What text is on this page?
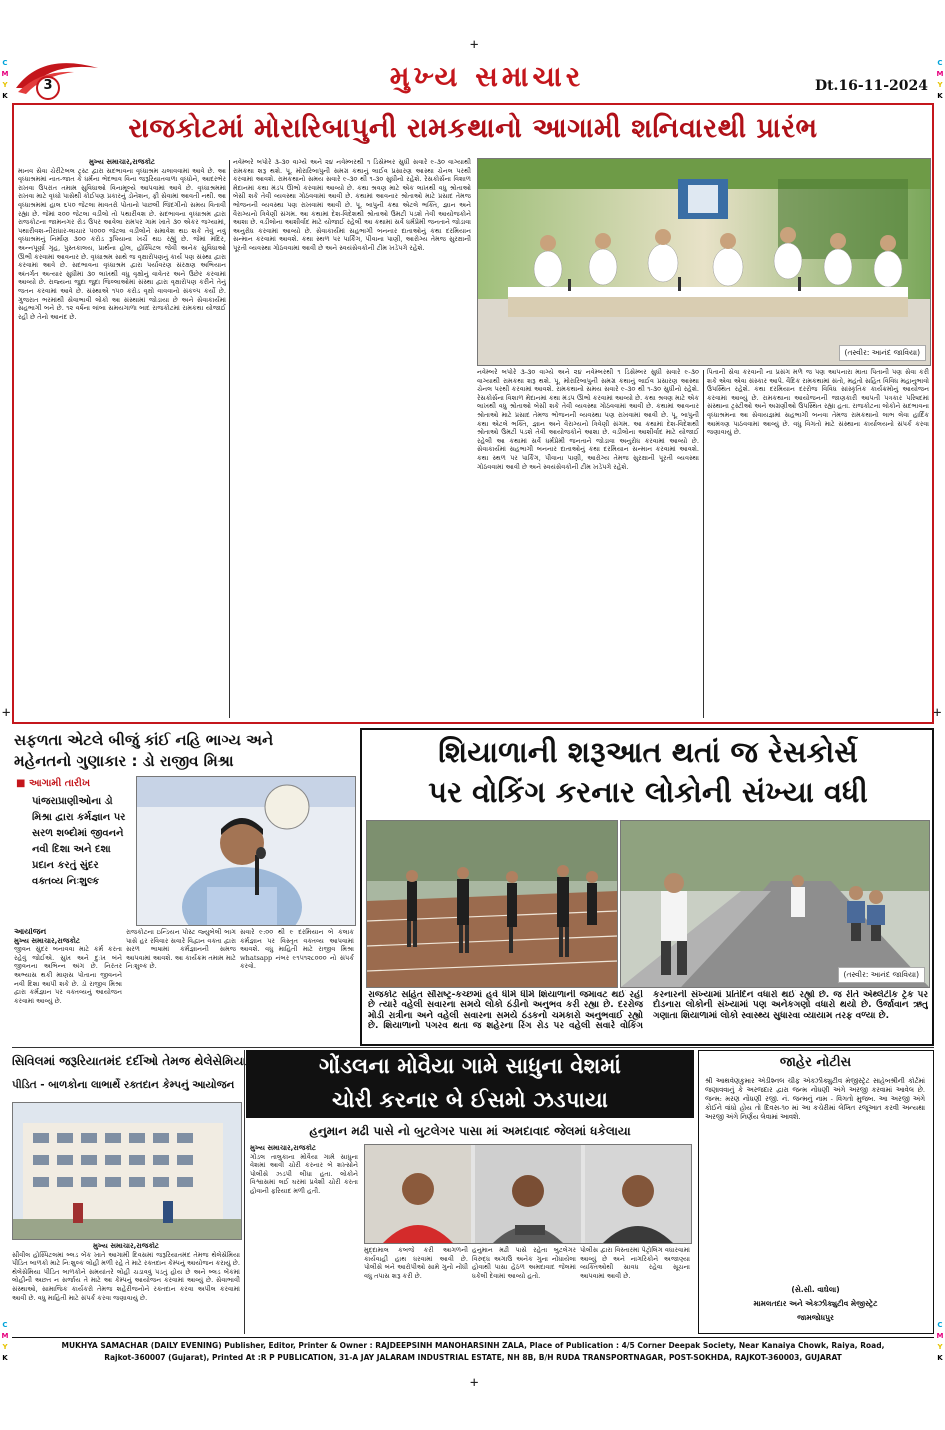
+
+
+	+
C
M
Y
K
C
M
Y
K
C
M
Y
K
C
M
Y
K
3	મુખ્ય સમાચાર	Dt.16-11-2024
રાજકોટમાં મોરારિબાપુની રામકથાનો આગામી શનિવારથી પ્રારંભ
મુખ્ય સમાચાર,રાજકોટ
માનવ સેવા ચેરીટેબલ ટ્રસ્ટ દ્વારા સદભાવના વૃધ્ધાશ્રમ ચલાવવામાં આવે છે. આ વૃધ્ધાશ્રમમાં નાત-જાત કે ધર્મના ભેદભાવ વિના જરૂરિયાતવાળા વૃધ્ધોને, આદરભેર રાખવા ઉપરાંત તમામ સુવિધાઓ વિનામૂલ્યે આપવામાં આવે છે. વૃધ્ધાશ્રમમાં રાખવા માટે વૃધ્ધો પાસેથી કોઈપણ પ્રકારનું ડોનેશન, ફી સેવામાં આવતી નથી. આ વૃધ્ધાશ્રમમાં હાલ ૬૫૦ જેટલા માવતરો પોતાનો પાછલી જિંદગીનો સમય વિતાવી રહ્યા છે. જેમાં ૨૦૦ જેટલા વડીલો તો પથારીવશ છે. સદભાવના વૃધ્ધાશ્રમ દ્વારા રાજકોટના જામનગર રોડ ઉપર આવેલા રામપર ગામ ખાતે ૩૦ એકર જગ્યામાં, પથારીવશ-નીરાધાર-લાચાર ૫૦૦૦ જેટલા વડીલોને સમાવેશ થઇ શકે તેવું નવું વૃધ્ધાશ્રમનું નિર્માણ ૩૦૦ કરોડ રૂપિયાના ખર્ચે થઇ રહ્યું છે. જેમાં મંદિર, અન્નપૂર્ણા ગૃહ, પુસ્તકાલય, પ્રાર્થના હોલ, હોસ્પિટલ જેવી અનેક સુવિધાઓ ઊભી કરવામાં આવનાર છે. વૃધ્ધાશ્રમ સાથે જ વૃક્ષારોપણનું કાર્ય પણ સંસ્થા દ્વારા કરવામાં આવે છે. સદભાવના વૃધ્ધાશ્રમ દ્વારા પર્યાવરણ સંરક્ષણ અભિયાન અંતર્ગત અત્યાર સુધીમાં ૩૦ લાખથી વધુ વૃક્ષોનું વાવેતર અને ઉછેર કરવામાં આવ્યો છે. રાજ્યના જુદા જુદા જિલ્લાઓમાં સંસ્થા દ્વારા વૃક્ષારોપણ કરીને તેનું જતન કરવામાં આવે છે. સંસ્થાએ ૧૫૦ કરોડ વૃક્ષો વાવવાનો સંકલ્પ કર્યો છે. ગુજરાત ભરમાંથી સેવાભાવી લોકો આ સંસ્થામાં જોડાયા છે અને સેવાકાર્યમાં સહભાગી બને છે. ૧૨ વર્ષના લાંબા સમયગાળા બાદ રાજકોટમાં રામકથા યોજાઈ રહી છે તેનો આનંદ છે.
નવેમ્બરે બપોરે ૩-૩૦ વાગ્યે અને ૨૪ નવેમ્બરથી ૧ ડિસેમ્બર સુધી સવારે ૯-૩૦ વાગ્યાથી રામકથા શરૂ થશે. પૂ. મોરારિબાપુની સમગ્ર કથાનું લાઈવ પ્રસારણ આસ્થા ચેનલ પરથી કરવામાં આવશે. રામકથાનો સમય સવારે ૯-૩૦ થી ૧-૩૦ સુધીનો રહેશે. રેસકોર્સના વિશાળ મેદાનમાં કથા મંડપ ઊભો કરવામાં આવ્યો છે. કથા શ્રવણ માટે એક લાખથી વધુ શ્રોતાઓ બેસી શકે તેવી વ્યવસ્થા ગોઠવવામાં આવી છે. કથામાં આવનાર શ્રોતાઓ માટે પ્રસાદ તેમજ ભોજનની વ્યવસ્થા પણ રાખવામાં આવી છે. પૂ. બાપુની કથા એટલે ભક્તિ, જ્ઞાન અને વૈરાગ્યનો ત્રિવેણી સંગમ. આ કથામાં દેશ-વિદેશથી શ્રોતાઓ ઉમટી પડશે તેવી આયોજકોને આશા છે. વડીલોના આશીર્વાદ માટે યોજાઈ રહેલી આ કથામાં સર્વે ધર્મપ્રેમી જનતાને જોડાવા અનુરોધ કરવામાં આવ્યો છે. સેવાકાર્યમાં સહભાગી બનનાર દાતાઓનું કથા દરમિયાન સન્માન કરવામાં આવશે. કથા સ્થળ પર પાર્કિંગ, પીવાના પાણી, આરોગ્ય તેમજ સુરક્ષાની પૂરતી વ્યવસ્થા ગોઠવવામાં આવી છે અને સ્વયંસેવકોની ટીમ ખડેપગે રહેશે.
(તસ્વીર: આનંદ જાવિયા)
નવેમ્બરે બપોરે ૩-૩૦ વાગ્યે અને ૨૪ નવેમ્બરથી ૧ ડિસેમ્બર સુધી સવારે ૯-૩૦ વાગ્યાથી રામકથા શરૂ થશે. પૂ. મોરારિબાપુની સમગ્ર કથાનું લાઈવ પ્રસારણ આસ્થા ચેનલ પરથી કરવામાં આવશે. રામકથાનો સમય સવારે ૯-૩૦ થી ૧-૩૦ સુધીનો રહેશે. રેસકોર્સના વિશાળ મેદાનમાં કથા મંડપ ઊભો કરવામાં આવ્યો છે. કથા શ્રવણ માટે એક લાખથી વધુ શ્રોતાઓ બેસી શકે તેવી વ્યવસ્થા ગોઠવવામાં આવી છે. કથામાં આવનાર શ્રોતાઓ માટે પ્રસાદ તેમજ ભોજનની વ્યવસ્થા પણ રાખવામાં આવી છે. પૂ. બાપુની કથા એટલે ભક્તિ, જ્ઞાન અને વૈરાગ્યનો ત્રિવેણી સંગમ. આ કથામાં દેશ-વિદેશથી શ્રોતાઓ ઉમટી પડશે તેવી આયોજકોને આશા છે. વડીલોના આશીર્વાદ માટે યોજાઈ રહેલી આ કથામાં સર્વે ધર્મપ્રેમી જનતાને જોડાવા અનુરોધ કરવામાં આવ્યો છે. સેવાકાર્યમાં સહભાગી બનનાર દાતાઓનું કથા દરમિયાન સન્માન કરવામાં આવશે. કથા સ્થળ પર પાર્કિંગ, પીવાના પાણી, આરોગ્ય તેમજ સુરક્ષાની પૂરતી વ્યવસ્થા ગોઠવવામાં આવી છે અને સ્વયંસેવકોની ટીમ ખડેપગે રહેશે.
પિતાની સેવા કરવાની ના પ્રસંગ મળે જ પણ આપનારા માતા પિતાની પણ સેવા કરી શકે એવા એવા સંસ્કાર આપે. વૈદિક રામકથામાં સંતો, મહંતો સહિત વિવિધ મહાનુભાવો ઉપસ્થિત રહેશે. કથા દરમિયાન દરરોજ વિવિધ સાંસ્કૃતિક કાર્યક્રમોનું આયોજન કરવામાં આવ્યું છે. રામકથાના આયોજનની જાણકારી આપતી પત્રકાર પરિષદમાં સંસ્થાના ટ્રસ્ટીઓ અને અગ્રણીઓ ઉપસ્થિત રહ્યા હતા. રાજકોટના લોકોને સદભાવના વૃધ્ધાશ્રમના આ સેવાયજ્ઞમાં સહભાગી બનવા તેમજ રામકથાનો લાભ લેવા હાર્દિક આમંત્રણ પાઠવવામાં આવ્યું છે. વધુ વિગતો માટે સંસ્થાના કાર્યાલયનો સંપર્ક કરવા જણાવાયું છે.
સફળતા એટલે બીજું કાંઈ નહિ ભાગ્ય અને
મહેનતનો ગુણાકાર : ડો રાજીવ મિશ્રા
■ આગામી તારીખ
પાંજરાપ્રાણીઓના ડો મિશ્રા દ્વારા કર્મજ્ઞાન પર સરળ શબ્દોમાં જીવનને નવી દિશા અને દશા પ્રદાન કરતું સુંદર વક્તવ્ય નિઃશુલ્ક
આયોજન
મુખ્ય સમાચાર,રાજકોટ
જીવન સુંદર બનાવવા માટે કર્મ કરતા રહેવું જોઈએ. સુખ અને દુઃખ બંને જીવનના અભિન્ન અંગ છે. નિરંતર અભ્યાસ થકી માણસ પોતાના જીવનને નવી દિશા આપી શકે છે. ડો રાજીવ મિશ્રા દ્વારા કર્મજ્ઞાન પર વક્તવ્યનું આયોજન કરવામાં આવ્યું છે.
રાજકોટના ઇન્ડિયન પોસ્ટ જ્યુબેલી બાગ પાસે હર રવિવાર સવારે વિદ્વાન વક્તા દ્વારા સરળ ભાષામાં કર્મજ્ઞાનની સમજ આપવામાં આવશે. આ કાર્યક્રમ તમામ માટે નિઃશુલ્ક છે.
સવારે ૯:૦૦ થી ૯ દરમિયાન બે કલાક કર્મજ્ઞાન પર વિસ્તૃત વક્તવ્ય આપવામાં આવશે. વધુ માહિતી માટે રાજીવ મિશ્રા whatsapp નંબર ૯૧૫૧૨૮૦૦૦ નો સંપર્ક કરવો.
શિયાળાની શરૂઆત થતાં જ રેસકોર્સ
પર વોકિંગ કરનાર લોકોની સંખ્યા વધી
(તસ્વીર: આનંદ જાવિયા)
રાજકોટ સહિત સૌરાષ્ટ્ર-કચ્છમાં હવે ધીમે ધીમે શિયાળાની જમાવટ થઈ રહી છે ત્યારે વહેલી સવારના સમયે લોકો ઠંડીનો અનુભવ કરી રહ્યા છે. દરરોજ મોડી રાત્રીના અને વહેલી સવારના સમયે ઠંડકનો ચમકારો અનુભવાઈ રહ્યો છે. શિયાળાનો પગરવ થતા જ શહેરના રિંગ રોડ પર વહેલી સવારે વોકિંગ કરનારની સંખ્યામાં પ્રતિદિન વધારો થઈ રહ્યો છે. જ રીતે એથ્લેટીક ટ્રેક પર દોડનારા લોકોની સંખ્યામાં પણ અનેકગણો વધારો થયો છે. ઉર્જાવાન ઋતુ ગણાતા શિયાળામાં લોકો સ્વાસ્થ્ય સુધારવા વ્યાયામ તરફ વળ્યા છે.
સિવિલમાં જરૂરિયાતમંદ દર્દીઓ તેમજ થેલેસેમિયા
પીડિત - બાળકોના લાભાર્થે રક્તદાન કેમ્પનું આયોજન
મુખ્ય સમાચાર,રાજકોટ
સીવીલ હોસ્પિટલમાં બ્લડ બેંક ખાતે આગામી દિવસમાં જરૂરિયાતમંદ તેમજ થેલેસેમિયા પીડિત બાળકો માટે નિઃશુલ્ક લોહી મળી રહે તે માટે રક્તદાન કેમ્પનું આયોજન કરાયું છે. થેલેસેમિયા પીડિત બાળકોને સમયાંતરે લોહી ચડાવવું પડતું હોય છે અને બ્લડ બેંકમાં લોહીની અછત ન સર્જાય તે માટે આ કેમ્પનું આયોજન કરવામાં આવ્યું છે. સેવાભાવી સંસ્થાઓ, સામાજિક કાર્યકરો તેમજ શહેરીજનોને રક્તદાન કરવા અપીલ કરવામાં આવી છે. વધુ માહિતી માટે સંપર્ક કરવા જણાવાયું છે.
ગોંડલના મોવૈયા ગામે સાધુના વેશમાં
ચોરી કરનાર બે ઈસમો ઝડપાયા
હનુમાન મઢી પાસે નો બુટલેગર પાસા માં અમદાવાદ જેલમાં ધકેલાયા
મુખ્ય સમાચાર,રાજકોટ
ગોંડલ તાલુકાના મોવૈયા ગામે સાધુના વેશમાં આવી ચોરી કરનાર બે શખ્સોને પોલીસે ઝડપી લીધા હતા. લોકોને વિશ્વાસમાં લઈ ઘરમાં પ્રવેશી ચોરી કરતા હોવાની ફરિયાદ મળી હતી.
મુદ્દામાલ કબજે કરી આગળની કાર્યવાહી હાથ ધરવામાં આવી છે. પોલીસે બંને આરોપીઓ સામે ગુનો નોંધી વધુ તપાસ શરૂ કરી છે.
હનુમાન મઢી પાસે રહેતા બુટલેગર વિરુદ્ધ અગાઉ અનેક ગુના નોંધાયેલા હોવાથી પાસા હેઠળ અમદાવાદ જેલમાં ધકેલી દેવામાં આવ્યો હતો.
પોલીસ દ્વારા વિસ્તારમાં પેટ્રોલિંગ વધારવામાં આવ્યું છે અને નાગરિકોને અજાણ્યા વ્યક્તિઓથી સાવધ રહેવા સૂચના આપવામાં આવી છે.
જાહેર નોટીસ
શ્રી આથવેણકુમાર એડીશ્નલ ચીફ એક્ઝીક્યુટીવ મેજીસ્ટ્રેટ સાહેબશ્રીની કોર્ટમાં જણાવવાનું કે અરજદાર દ્વારા જન્મ નોંધણી અંગે અરજી કરવામાં આવેલ છે. જન્મ: મરણ નોંધણી રજી. નં. જન્મનું નામ - વિગતો મુજબ. આ અરજી અંગે કોઈને વાંધો હોય તો દિવસ-૧૦ માં આ કચેરીમાં લેખિત રજૂઆત કરવી અન્યથા અરજી અંગે નિર્ણય લેવામાં આવશે.
(સે.સી. વાઘેલા)
મામલતદાર અને એક્ઝીક્યુટીવ મેજીસ્ટ્રેટ
જામજોધપુર
MUKHYA SAMACHAR (DAILY EVENING) Publisher, Editor, Printer & Owner : RAJDEEPSINH MANOHARSINH ZALA, Place of Publication : 4/5 Corner Deepak Society, Near Kanaiya Chowk, Raiya, Road,
Rajkot-360007 (Gujarat), Printed At :R P PUBLICATION, 31-A JAY JALARAM INDUSTRIAL ESTATE, NH 8B, B/H RUDA TRANSPORTNAGAR, POST-SOKHDA, RAJKOT-360003, GUJARAT
